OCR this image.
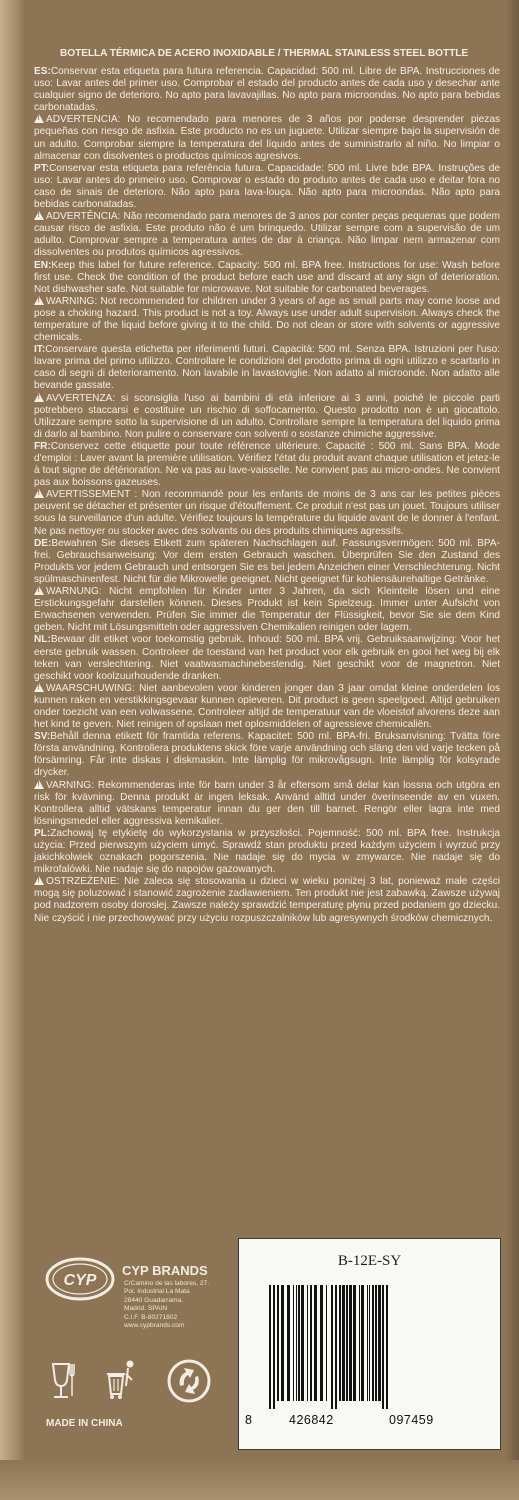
BOTELLA TÉRMICA DE ACERO INOXIDABLE / THERMAL STAINLESS STEEL BOTTLE

ES:Conservar esta etiqueta para futura referencia. Capacidad: 500 ml. Libre de BPA. Instrucciones de uso: Lavar antes del primer uso. Comprobar el estado del producto antes de cada uso y desechar ante cualquier signo de deterioro. No apto para lavavajillas. No apto para microondas. No apto para bebidas carbonatadas.

!ADVERTENCIA: No recomendado para menores de 3 años por poderse desprender piezas pequeñas con riesgo de asfixia. Este producto no es un juguete. Utilizar siempre bajo la supervisión de un adulto. Comprobar siempre la temperatura del líquido antes de suministrarlo al niño. No limpiar o almacenar con disolventes o productos químicos agresivos.

PT:Conservar esta etiqueta para referência futura. Capacidade: 500 ml. Livre bde BPA. Instruções de uso: Lavar antes do primeiro uso. Comprovar o estado do produto antes de cada uso e deitar fora no caso de sinais de deterioro. Não apto para lava-louça. Não apto para microondas. Não apto para bebidas carbonatadas.

!ADVERTÊNCIA: Não recomendado para menores de 3 anos por conter peças pequenas que podem causar risco de asfixia. Este produto não é um brinquedo. Utilizar sempre com a supervisão de um adulto. Comprovar sempre a temperatura antes de dar à criança. Não limpar nem armazenar com dissolventes ou produtos químicos agressivos.

EN:Keep this label for future reference. Capacity: 500 ml. BPA free. Instructions for use: Wash before first use. Check the condition of the product before each use and discard at any sign of deterioration. Not dishwasher safe. Not suitable for microwave. Not suitable for carbonated beverages.

!WARNING: Not recommended for children under 3 years of age as small parts may come loose and pose a choking hazard. This product is not a toy. Always use under adult supervision. Always check the temperature of the liquid before giving it to the child. Do not clean or store with solvents or aggressive chemicals.

IT:Conservare questa etichetta per riferimenti futuri. Capacità: 500 ml. Senza BPA. Istruzioni per l'uso: lavare prima del primo utilizzo. Controllare le condizioni del prodotto prima di ogni utilizzo e scartarlo in caso di segni di deterioramento. Non lavabile in lavastoviglie. Non adatto al microonde. Non adatto alle bevande gassate.

!AVVERTENZA: si sconsiglia l'uso ai bambini di età inferiore ai 3 anni, poiché le piccole parti potrebbero staccarsi e costituire un rischio di soffocamento. Questo prodotto non è un giocattolo. Utilizzare sempre sotto la supervisione di un adulto. Controllare sempre la temperatura del liquido prima di darlo al bambino. Non pulire o conservare con solventi o sostanze chimiche aggressive.

FR:Conservez cette étiquette pour toute référence ultérieure. Capacité : 500 ml. Sans BPA. Mode d'emploi : Laver avant la première utilisation. Vérifiez l'état du produit avant chaque utilisation et jetez-le à tout signe de détérioration. Ne va pas au lave-vaisselle. Ne convient pas au micro-ondes. Ne convient pas aux boissons gazeuses.

!AVERTISSEMENT : Non recommandé pour les enfants de moins de 3 ans car les petites pièces peuvent se détacher et présenter un risque d'étouffement. Ce produit n'est pas un jouet. Toujours utiliser sous la surveillance d'un adulte. Vérifiez toujours la température du liquide avant de le donner à l'enfant. Ne pas nettoyer ou stocker avec des solvants ou des produits chimiques agressifs.

DE:Bewahren Sie dieses Etikett zum späteren Nachschlagen auf. Fassungsvermögen: 500 ml. BPA-frei. Gebrauchsanweisung: Vor dem ersten Gebrauch waschen. Überprüfen Sie den Zustand des Produkts vor jedem Gebrauch und entsorgen Sie es bei jedem Anzeichen einer Verschlechterung. Nicht spülmaschinenfest. Nicht für die Mikrowelle geeignet. Nicht geeignet für kohlensäurehaltige Getränke.

!WARNUNG: Nicht empfohlen für Kinder unter 3 Jahren, da sich Kleinteile lösen und eine Erstickungsgefahr darstellen können. Dieses Produkt ist kein Spielzeug. Immer unter Aufsicht von Erwachsenen verwenden. Prüfen Sie immer die Temperatur der Flüssigkeit, bevor Sie sie dem Kind geben. Nicht mit Lösungsmitteln oder aggressiven Chemikalien reinigen oder lagern.

NL:Bewaar dit etiket voor toekomstig gebruik. Inhoud: 500 ml. BPA vrij. Gebruiksaanwijzing: Voor het eerste gebruik wassen. Controleer de toestand van het product voor elk gebruik en gooi het weg bij elk teken van verslechtering. Niet vaatwasmachinebestendig. Niet geschikt voor de magnetron. Niet geschikt voor koolzuurhoudende dranken.

!WAARSCHUWING: Niet aanbevolen voor kinderen jonger dan 3 jaar omdat kleine onderdelen los kunnen raken en verstikkingsgevaar kunnen opleveren. Dit product is geen speelgoed. Altijd gebruiken onder toezicht van een volwassene. Controleer altijd de temperatuur van de vloeistof alvorens deze aan het kind te geven. Niet reinigen of opslaan met oplosmiddelen of agressieve chemicaliën.

SV:Behåll denna etikett för framtida referens. Kapacitet: 500 ml. BPA-fri. Bruksanvisning: Tvätta före första användning. Kontrollera produktens skick före varje användning och släng den vid varje tecken på försämring. Får inte diskas i diskmaskin. Inte lämplig för mikrovågsugn. Inte lämplig för kolsyrade drycker.

!VARNING: Rekommenderas inte för barn under 3 år eftersom små delar kan lossna och utgöra en risk för kvävning. Denna produkt är ingen leksak. Använd alltid under överinseende av en vuxen. Kontrollera alltid vätskans temperatur innan du ger den till barnet. Rengör eller lagra inte med lösningsmedel eller aggressiva kemikalier.

PL:Zachowaj tę etykietę do wykorzystania w przyszłości. Pojemność: 500 ml. BPA free. Instrukcja użycia: Przed pierwszym użyciem umyć. Sprawdź stan produktu przed każdym użyciem i wyrzuć przy jakichkolwiek oznakach pogorszenia. Nie nadaje się do mycia w zmywarce. Nie nadaje się do mikrofalówki. Nie nadaje się do napojów gazowanych.

!OSTRZEŻENIE: Nie zaleca się stosowania u dzieci w wieku poniżej 3 lat, ponieważ małe części mogą się poluzować i stanowić zagrożenie zadławieniem. Ten produkt nie jest zabawką. Zawsze używaj pod nadzorem osoby dorosłej. Zawsze należy sprawdzić temperaturę płynu przed podaniem go dziecku. Nie czyścić i nie przechowywać przy użyciu rozpuszczalników lub agresywnych środków chemicznych.

CYP
CYP BRANDS
C/Camino de las labores, 27.
Pol. Industrial La Mata
28440 Guadarrama.
Madrid. SPAIN
C.I.F. B-80271802
www.cypbrands.com
MADE IN CHINA
B-12E-SY
8	426842	097459
